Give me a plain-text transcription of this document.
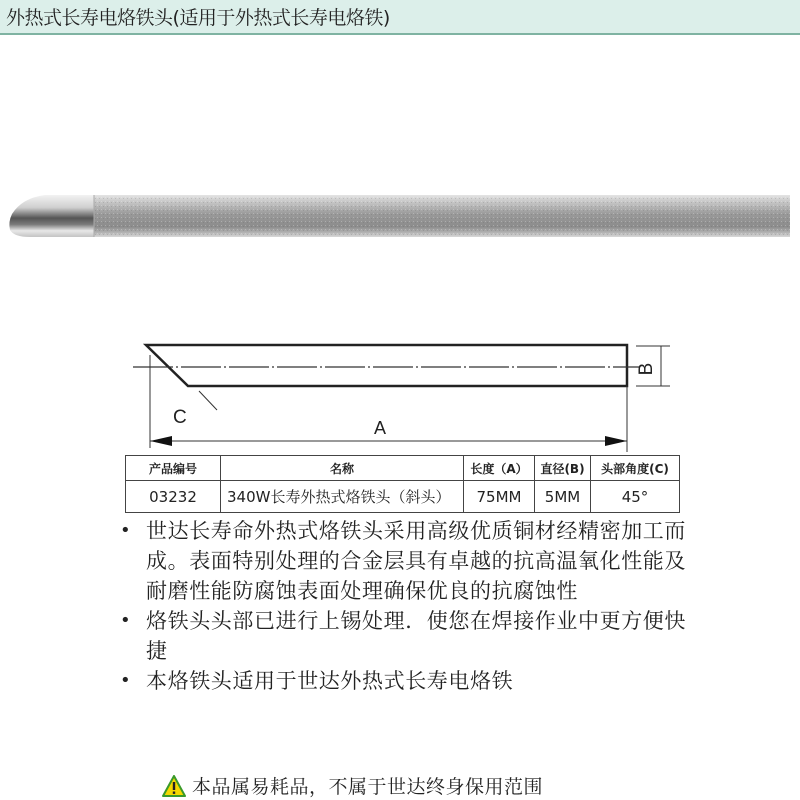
外热式长寿电烙铁头(适用于外热式长寿电烙铁)
C	A
B
产品编号	名称	长度（A）	直径(B)	头部角度(C)
03232	340W长寿外热式烙铁头（斜头）	75MM	5MM	45°
• 世达长寿命外热式烙铁头采用高级优质铜材经精密加工而成。表面特别处理的合金层具有卓越的抗高温氧化性能及耐磨性能防腐蚀表面处理确保优良的抗腐蚀性
• 烙铁头头部已进行上锡处理．使您在焊接作业中更方便快捷
• 本烙铁头适用于世达外热式长寿电烙铁
本品属易耗品，不属于世达终身保用范围
